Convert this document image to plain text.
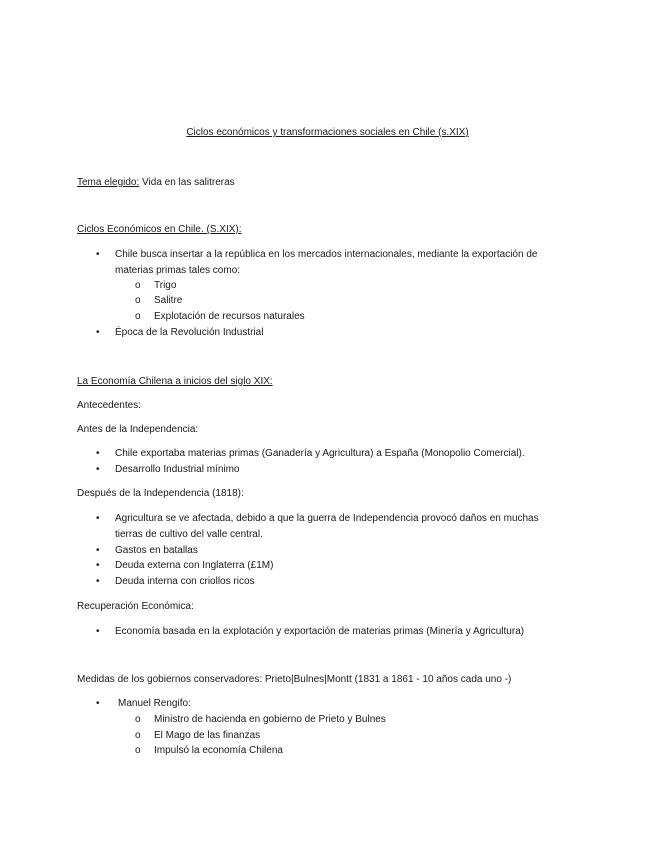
Ciclos económicos y transformaciones sociales en Chile (s.XIX)
Tema elegido: Vida en las salitreras
Ciclos Económicos en Chile. (S.XIX):
• Chile busca insertar a la república en los mercados internacionales, mediante la exportación de
materias primas tales como:
o Trigo
o Salitre
o Explotación de recursos naturales
• Época de la Revolución Industrial
La Economía Chilena a inicios del siglo XIX:
Antecedentes:
Antes de la Independencia:
• Chile exportaba materias primas (Ganadería y Agricultura) a España (Monopolio Comercial).
• Desarrollo Industrial mínimo
Después de la Independencia (1818):
• Agricultura se ve afectada, debido a que la guerra de Independencia provocó daños en muchas
tierras de cultivo del valle central.
• Gastos en batallas
• Deuda externa con Inglaterra (£1M)
• Deuda interna con criollos ricos
Recuperación Económica:
• Economía basada en la explotación y exportación de materias primas (Minería y Agricultura)
Medidas de los gobiernos conservadores: Prieto|Bulnes|Montt (1831 a 1861 - 10 años cada uno -)
• Manuel Rengifo:
o Ministro de hacienda en gobierno de Prieto y Bulnes
o El Mago de las finanzas
o Impulsó la economía Chilena
